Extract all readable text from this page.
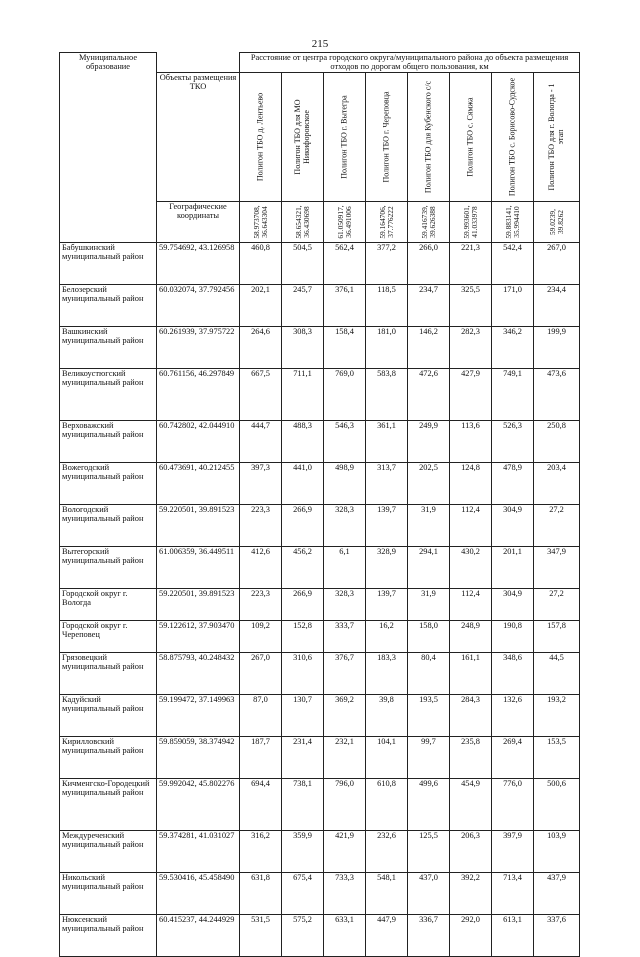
215
Муниципальное образование		Расстояние от центра городского округа/муниципального района до объекта размещения отходов по дорогам общего пользования, км							
	Объекты размещения ТКО	Полигон ТБО д. Лентьево	Полигон ТБО для МО Никифоровское	Полигон ТБО г. Вытегра	Полигон ТБО г. Череповца	Полигон ТБО для Кубенского с/с	Полигон ТБО с. Сямжа	Полигон ТБО с. Борисово-Судское	Полигон ТБО для г. Вологда - 1 этап

	Географические координаты	58.973708, 36.643304	58.654321, 36.430698	61.050917, 36.491006	59.164706, 37.776222	59.416739, 39.626388	59.993601, 41.033978	59.883141, 35.994410	59.0239, 39.8262

Бабушкинский муниципальный район	59.754692, 43.126958	460,8	504,5	562,4	377,2	266,0	221,3	542,4	267,0
Белозерский муниципальный район	60.032074, 37.792456	202,1	245,7	376,1	118,5	234,7	325,5	171,0	234,4
Вашкинский муниципальный район	60.261939, 37.975722	264,6	308,3	158,4	181,0	146,2	282,3	346,2	199,9
Великоустюгский муниципальный район	60.761156, 46.297849	667,5	711,1	769,0	583,8	472,6	427,9	749,1	473,6
Верховажский муниципальный район	60.742802, 42.044910	444,7	488,3	546,3	361,1	249,9	113,6	526,3	250,8
Вожегодский муниципальный район	60.473691, 40.212455	397,3	441,0	498,9	313,7	202,5	124,8	478,9	203,4
Вологодский муниципальный район	59.220501, 39.891523	223,3	266,9	328,3	139,7	31,9	112,4	304,9	27,2
Вытегорский муниципальный район	61.006359, 36.449511	412,6	456,2	6,1	328,9	294,1	430,2	201,1	347,9
Городской округ г. Вологда	59.220501, 39.891523	223,3	266,9	328,3	139,7	31,9	112,4	304,9	27,2
Городской округ г. Череповец	59.122612, 37.903470	109,2	152,8	333,7	16,2	158,0	248,9	190,8	157,8
Грязовецкий муниципальный район	58.875793, 40.248432	267,0	310,6	376,7	183,3	80,4	161,1	348,6	44,5
Кадуйский муниципальный район	59.199472, 37.149963	87,0	130,7	369,2	39,8	193,5	284,3	132,6	193,2
Кирилловский муниципальный район	59.859059, 38.374942	187,7	231,4	232,1	104,1	99,7	235,8	269,4	153,5
Кичменгско-Городецкий муниципальный район	59.992042, 45.802276	694,4	738,1	796,0	610,8	499,6	454,9	776,0	500,6
Междуреченский муниципальный район	59.374281, 41.031027	316,2	359,9	421,9	232,6	125,5	206,3	397,9	103,9
Никольский муниципальный район	59.530416, 45.458490	631,8	675,4	733,3	548,1	437,0	392,2	713,4	437,9
Нюксенский муниципальный район	60.415237, 44.244929	531,5	575,2	633,1	447,9	336,7	292,0	613,1	337,6
